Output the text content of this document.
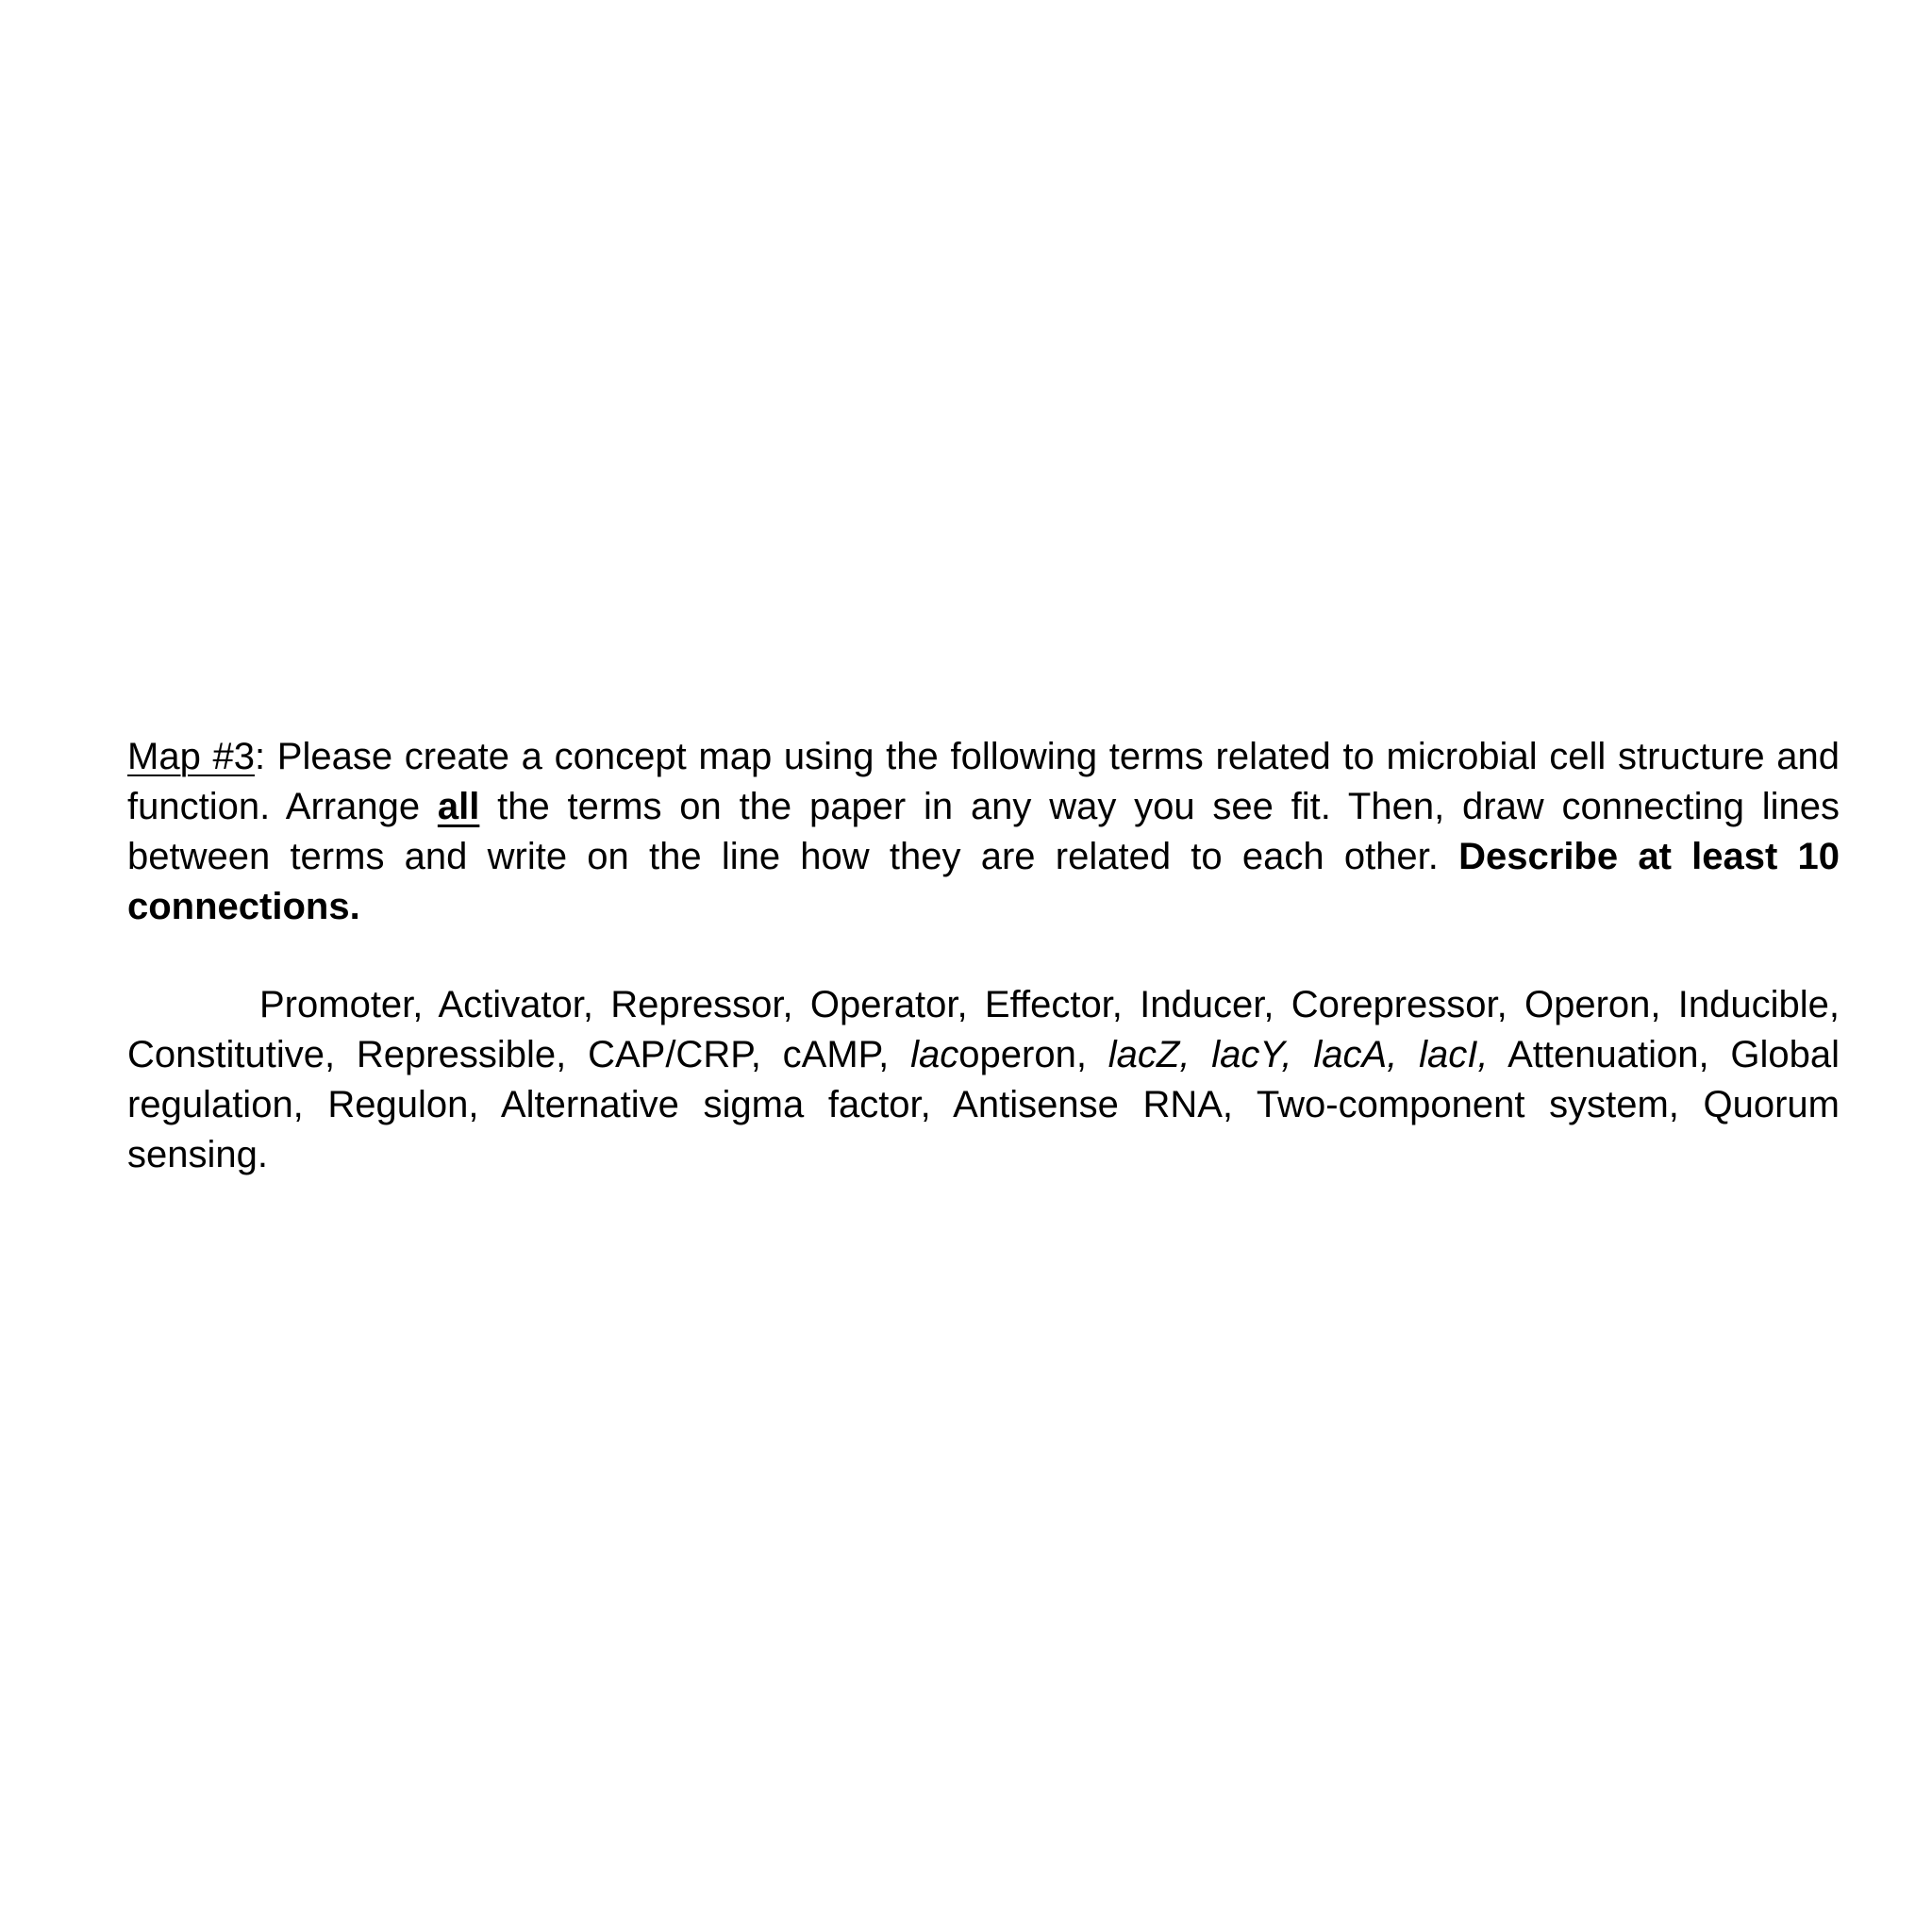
Map #3: Please create a concept map using the following terms related to microbial cell structure and function. Arrange all the terms on the paper in any way you see fit. Then, draw connecting lines between terms and write on the line how they are related to each other. Describe at least 10 connections.

Promoter, Activator, Repressor, Operator, Effector, Inducer, Corepressor, Operon, Inducible, Constitutive, Repressible, CAP/CRP, cAMP, lacoperon, lacZ, lacY, lacA, lacI, Attenuation, Global regulation, Regulon, Alternative sigma factor, Antisense RNA, Two-component system, Quorum sensing.
